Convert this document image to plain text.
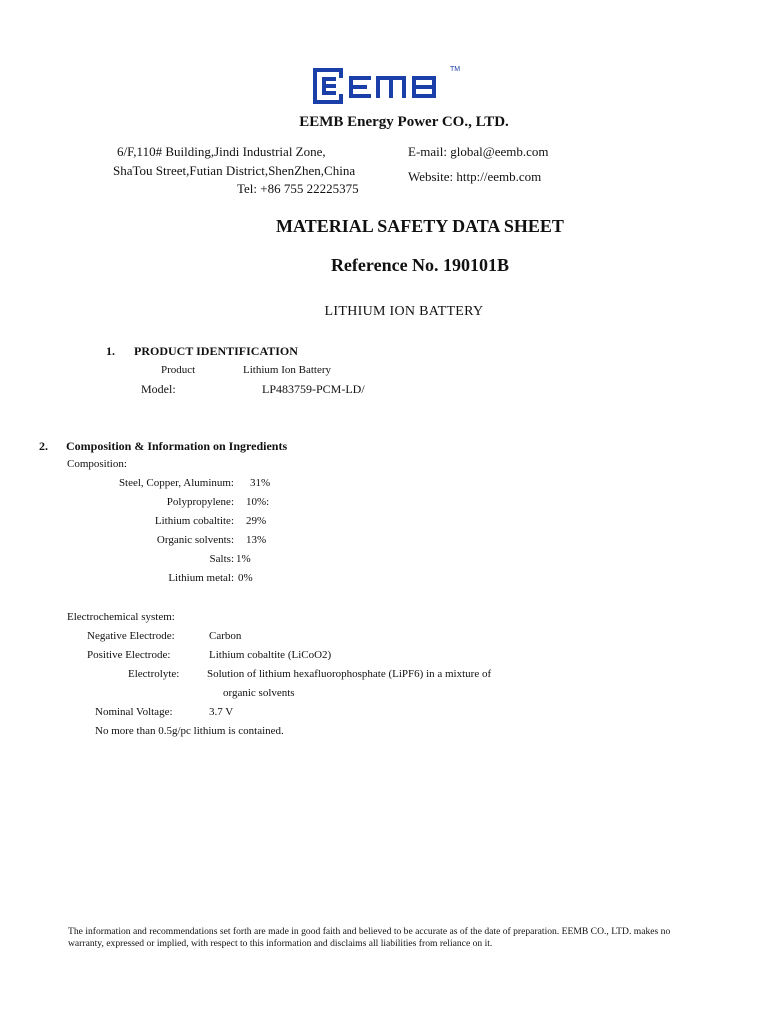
TM
EEMB Energy Power CO., LTD.
6/F,110# Building,Jindi Industrial Zone,
ShaTou Street,Futian District,ShenZhen,China
Tel: +86 755 22225375
E-mail: global@eemb.com
Website: http://eemb.com
MATERIAL SAFETY DATA SHEET
Reference No. 190101B
LITHIUM ION BATTERY
1. PRODUCT IDENTIFICATION
Product	Lithium Ion Battery
Model:	LP483759-PCM-LD/
2. Composition & Information on Ingredients
Composition:
Steel, Copper, Aluminum: 31%
Polypropylene: 10%:
Lithium cobaltite: 29%
Organic solvents: 13%
Salts: 1%
Lithium metal: 0%
Electrochemical system:
Negative Electrode:	Carbon
Positive Electrode:	Lithium cobaltite (LiCoO2)
Electrolyte:	Solution of lithium hexafluorophosphate (LiPF6) in a mixture of
organic solvents
Nominal Voltage:	3.7 V
No more than 0.5g/pc lithium is contained.
The information and recommendations set forth are made in good faith and believed to be accurate as of the date of preparation. EEMB CO., LTD. makes no warranty, expressed or implied, with respect to this information and disclaims all liabilities from reliance on it.
